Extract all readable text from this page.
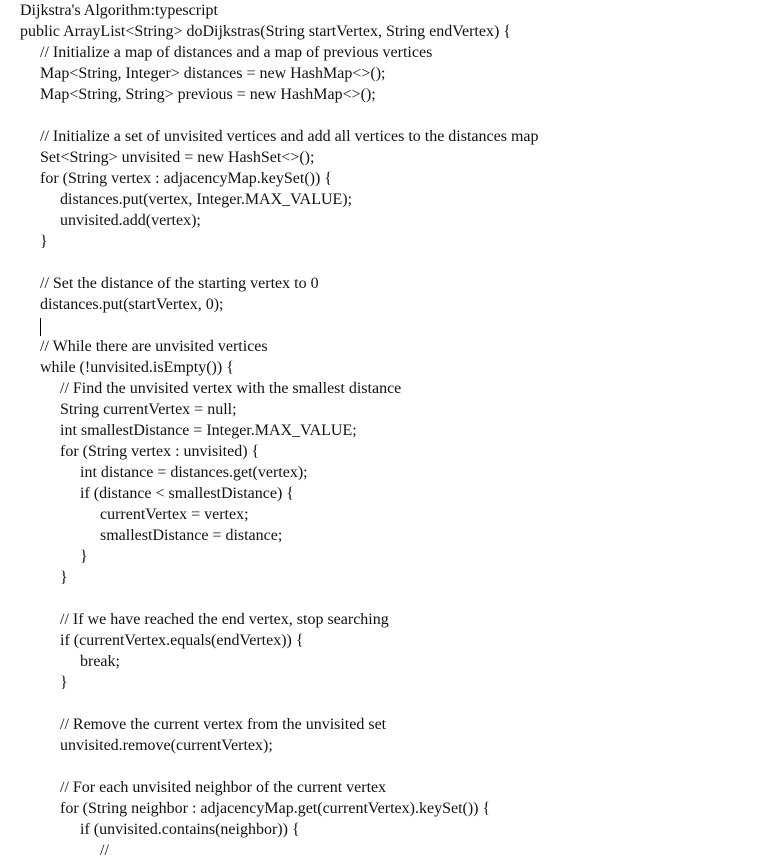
Dijkstra's Algorithm:typescript
public ArrayList<String> doDijkstras(String startVertex, String endVertex) {
// Initialize a map of distances and a map of previous vertices
Map<String, Integer> distances = new HashMap<>();
Map<String, String> previous = new HashMap<>();
// Initialize a set of unvisited vertices and add all vertices to the distances map
Set<String> unvisited = new HashSet<>();
for (String vertex : adjacencyMap.keySet()) {
distances.put(vertex, Integer.MAX_VALUE);
unvisited.add(vertex);
}
// Set the distance of the starting vertex to 0
distances.put(startVertex, 0);
// While there are unvisited vertices
while (!unvisited.isEmpty()) {
// Find the unvisited vertex with the smallest distance
String currentVertex = null;
int smallestDistance = Integer.MAX_VALUE;
for (String vertex : unvisited) {
int distance = distances.get(vertex);
if (distance < smallestDistance) {
currentVertex = vertex;
smallestDistance = distance;
}
}
// If we have reached the end vertex, stop searching
if (currentVertex.equals(endVertex)) {
break;
}
// Remove the current vertex from the unvisited set
unvisited.remove(currentVertex);
// For each unvisited neighbor of the current vertex
for (String neighbor : adjacencyMap.get(currentVertex).keySet()) {
if (unvisited.contains(neighbor)) {
//
